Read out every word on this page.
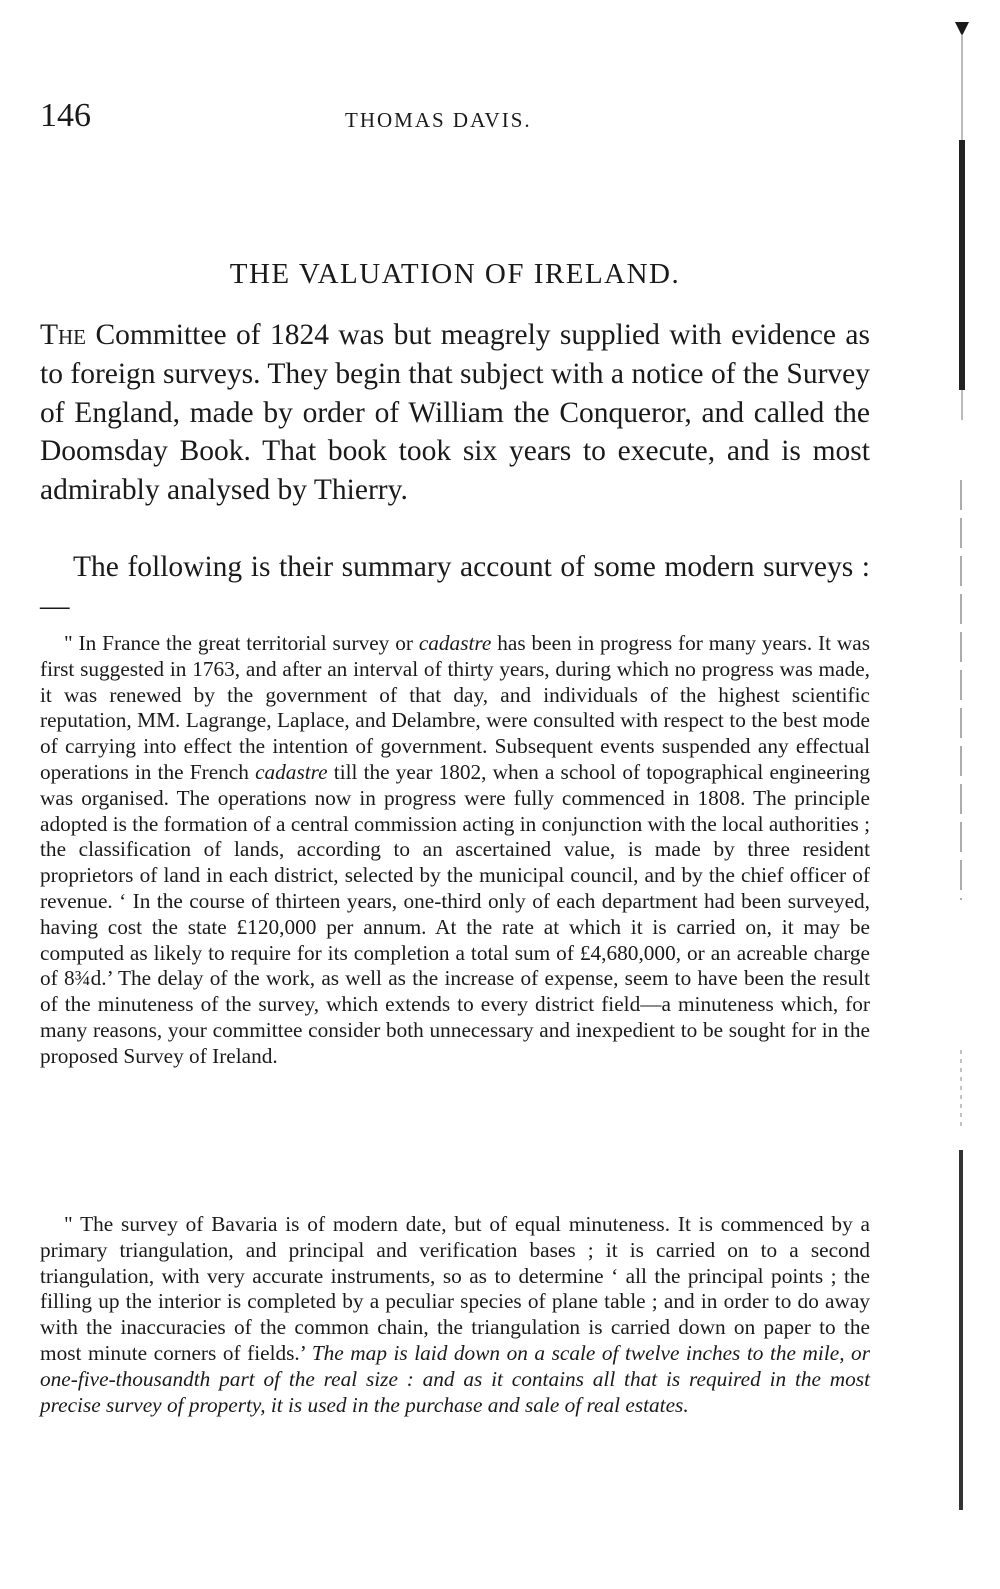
146	THOMAS DAVIS.
THE VALUATION OF IRELAND.

The Committee of 1824 was but meagrely supplied with evidence as to foreign surveys. They begin that subject with a notice of the Survey of England, made by order of William the Conqueror, and called the Doomsday Book. That book took six years to execute, and is most admirably analysed by Thierry.

The following is their summary account of some modern surveys :—

" In France the great territorial survey or cadastre has been in progress for many years. It was first suggested in 1763, and after an interval of thirty years, during which no progress was made, it was renewed by the government of that day, and individuals of the highest scientific reputation, MM. Lagrange, Laplace, and Delambre, were consulted with respect to the best mode of carrying into effect the intention of government. Subsequent events suspended any effectual operations in the French cadastre till the year 1802, when a school of topographical engineering was organised. The operations now in progress were fully commenced in 1808. The principle adopted is the formation of a central commission acting in conjunction with the local authorities ; the classification of lands, according to an ascertained value, is made by three resident proprietors of land in each district, selected by the municipal council, and by the chief officer of revenue. ‘ In the course of thirteen years, one-third only of each department had been surveyed, having cost the state £120,000 per annum. At the rate at which it is carried on, it may be computed as likely to require for its completion a total sum of £4,680,000, or an acreable charge of 8¾d.’ The delay of the work, as well as the increase of expense, seem to have been the result of the minuteness of the survey, which extends to every district field—a minuteness which, for many reasons, your committee consider both unnecessary and inexpedient to be sought for in the proposed Survey of Ireland.

" The survey of Bavaria is of modern date, but of equal minuteness. It is commenced by a primary triangulation, and principal and verification bases ; it is carried on to a second triangulation, with very accurate instruments, so as to determine ‘ all the principal points ; the filling up the interior is completed by a peculiar species of plane table ; and in order to do away with the inaccuracies of the common chain, the triangulation is carried down on paper to the most minute corners of fields.’ The map is laid down on a scale of twelve inches to the mile, or one-five-thousandth part of the real size : and as it contains all that is required in the most precise survey of property, it is used in the purchase and sale of real estates.
